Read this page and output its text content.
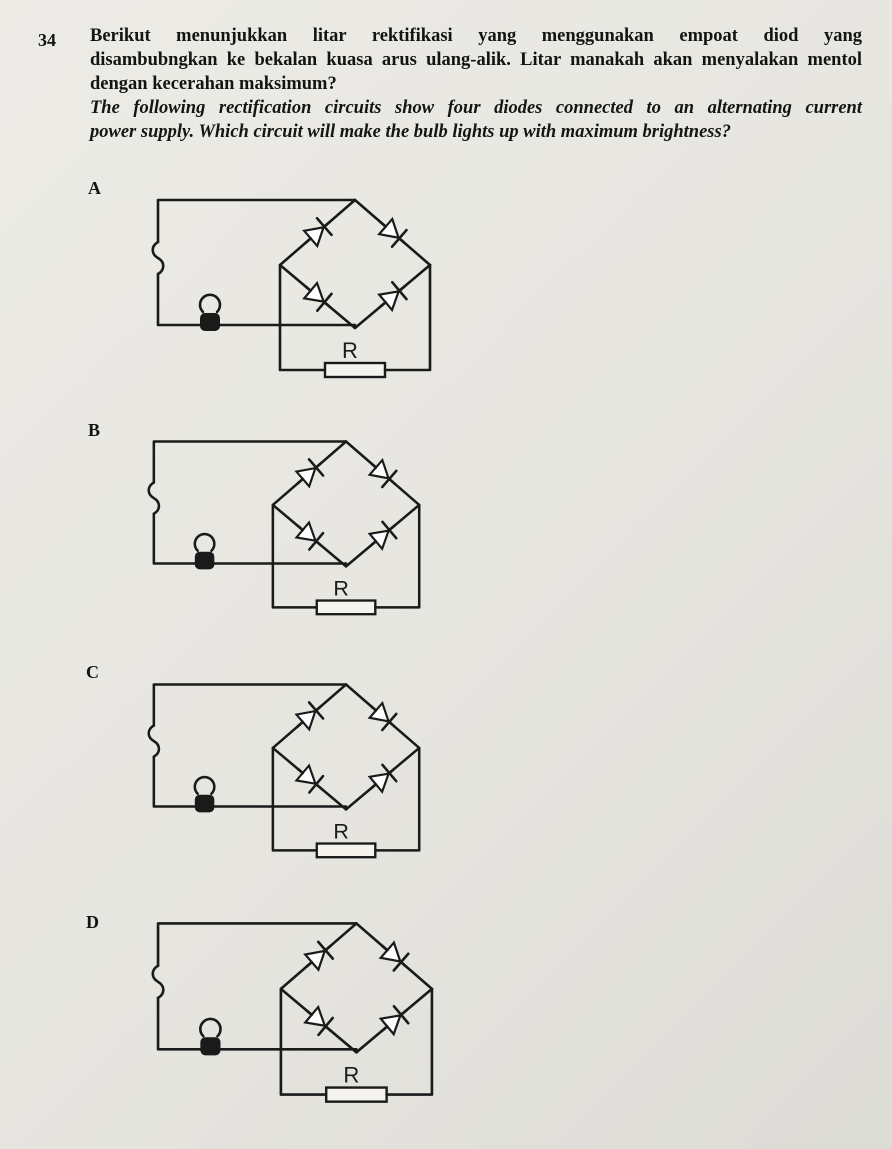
34 Berikut menunjukkan litar rektifikasi yang menggunakan empoat diod yang
disambubngkan ke bekalan kuasa arus ulang-alik. Litar manakah akan menyalakan mentol
dengan kecerahan maksimum?
The following rectification circuits show four diodes connected to an alternating current
power supply. Which circuit will make the bulb lights up with maximum brightness?
A
B
C
D
R
R
R
R
